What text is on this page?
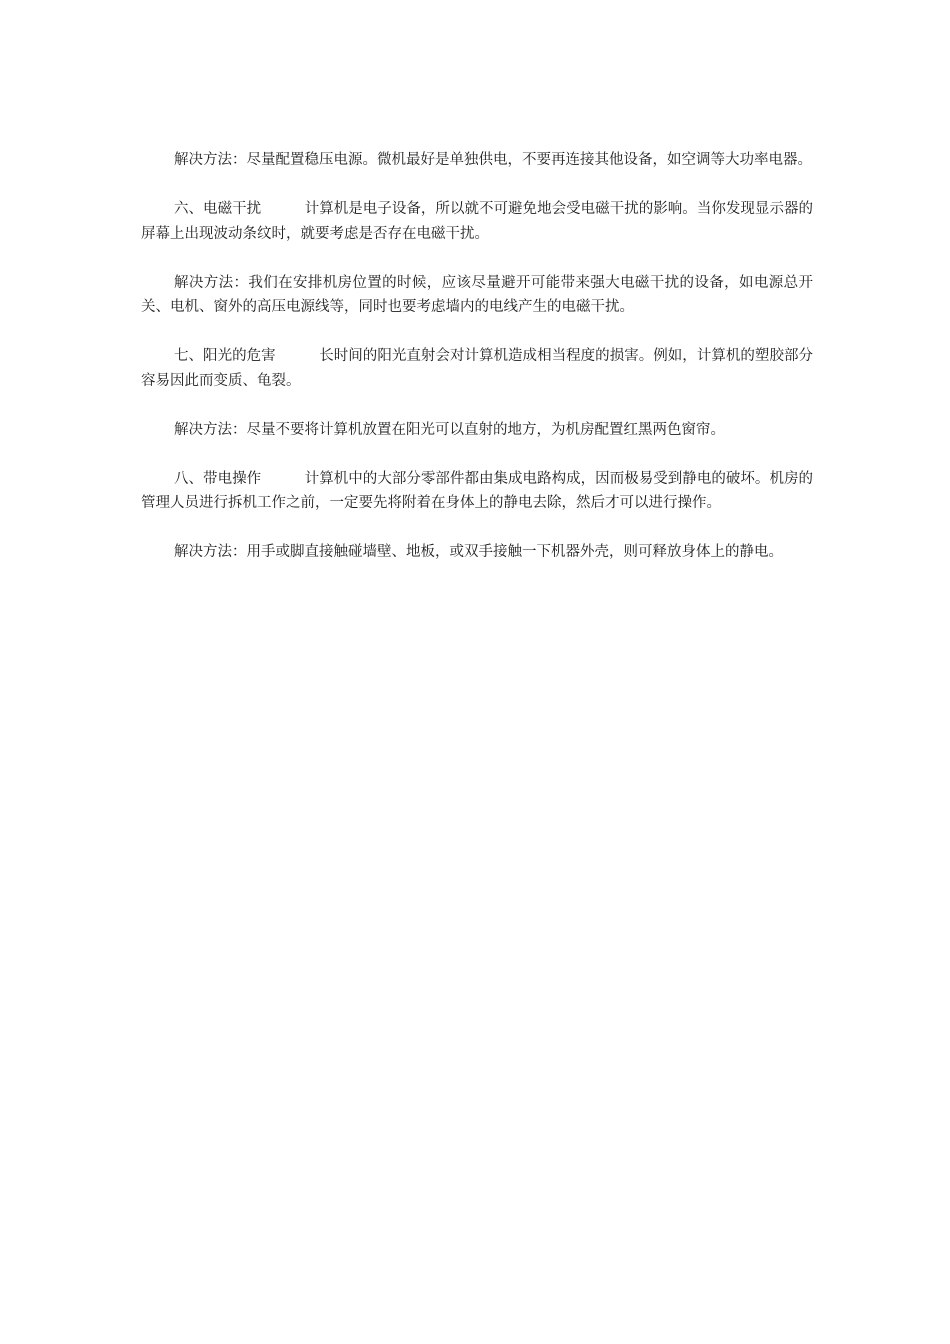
解决方法：尽量配置稳压电源。微机最好是单独供电，不要再连接其他设备，如空调等大功率电器。

六、电磁干扰　　　计算机是电子设备，所以就不可避免地会受电磁干扰的影响。当你发现显示器的屏幕上出现波动条纹时，就要考虑是否存在电磁干扰。

解决方法：我们在安排机房位置的时候，应该尽量避开可能带来强大电磁干扰的设备，如电源总开关、电机、窗外的高压电源线等，同时也要考虑墙内的电线产生的电磁干扰。

七、阳光的危害　　　长时间的阳光直射会对计算机造成相当程度的损害。例如，计算机的塑胶部分容易因此而变质、龟裂。

解决方法：尽量不要将计算机放置在阳光可以直射的地方，为机房配置红黑两色窗帘。

八、带电操作　　　计算机中的大部分零部件都由集成电路构成，因而极易受到静电的破坏。机房的管理人员进行拆机工作之前，一定要先将附着在身体上的静电去除，然后才可以进行操作。

解决方法：用手或脚直接触碰墙壁、地板，或双手接触一下机器外壳，则可释放身体上的静电。
